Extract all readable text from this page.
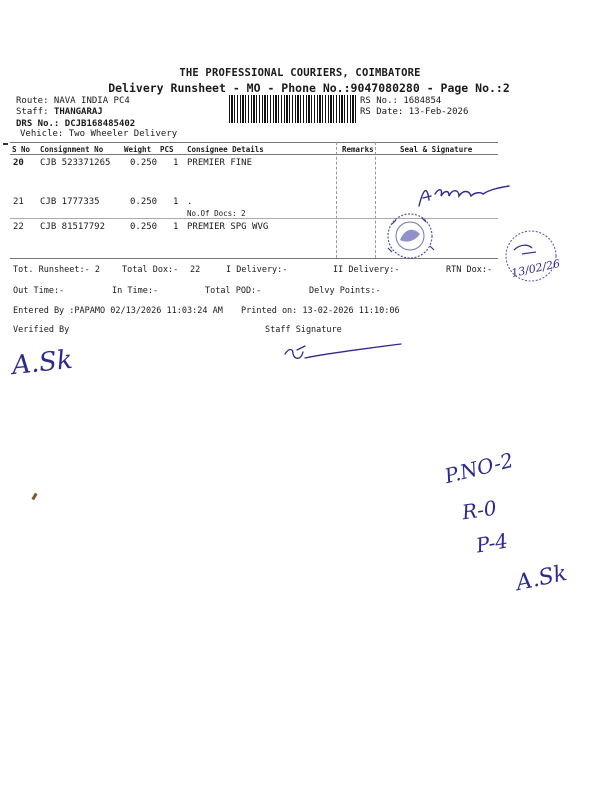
THE PROFESSIONAL COURIERS, COIMBATORE
Delivery Runsheet - MO - Phone No.:9047080280 - Page No.:2
Route: NAVA INDIA PC4
Staff: THANGARAJ
DRS No.: DCJB168485402
Vehicle: Two Wheeler Delivery
RS No.: 1684854
RS Date: 13-Feb-2026
S No Consignment No	Weight PCS Consignee Details	Remarks	Seal & Signature
20 CJB 523371265 0.250 1 PREMIER FINE
21 CJB 1777335	0.250 1 .
No.Of Docs: 2
22 CJB 81517792	0.250 1 PREMIER SPG WVG
Tot. Runsheet:- 2	Total Dox:- 22	I Delivery:-	II Delivery:-	RTN Dox:-
Out Time:-	In Time:-	Total POD:-	Delvy Points:-
Entered By :PAPAMO 02/13/2026 11:03:24 AM Printed on: 13-02-2026 11:10:06
Verified By	Staff Signature
13/02/26
A.Sk
P.NO-2
R-0
P-4
A.Sk
